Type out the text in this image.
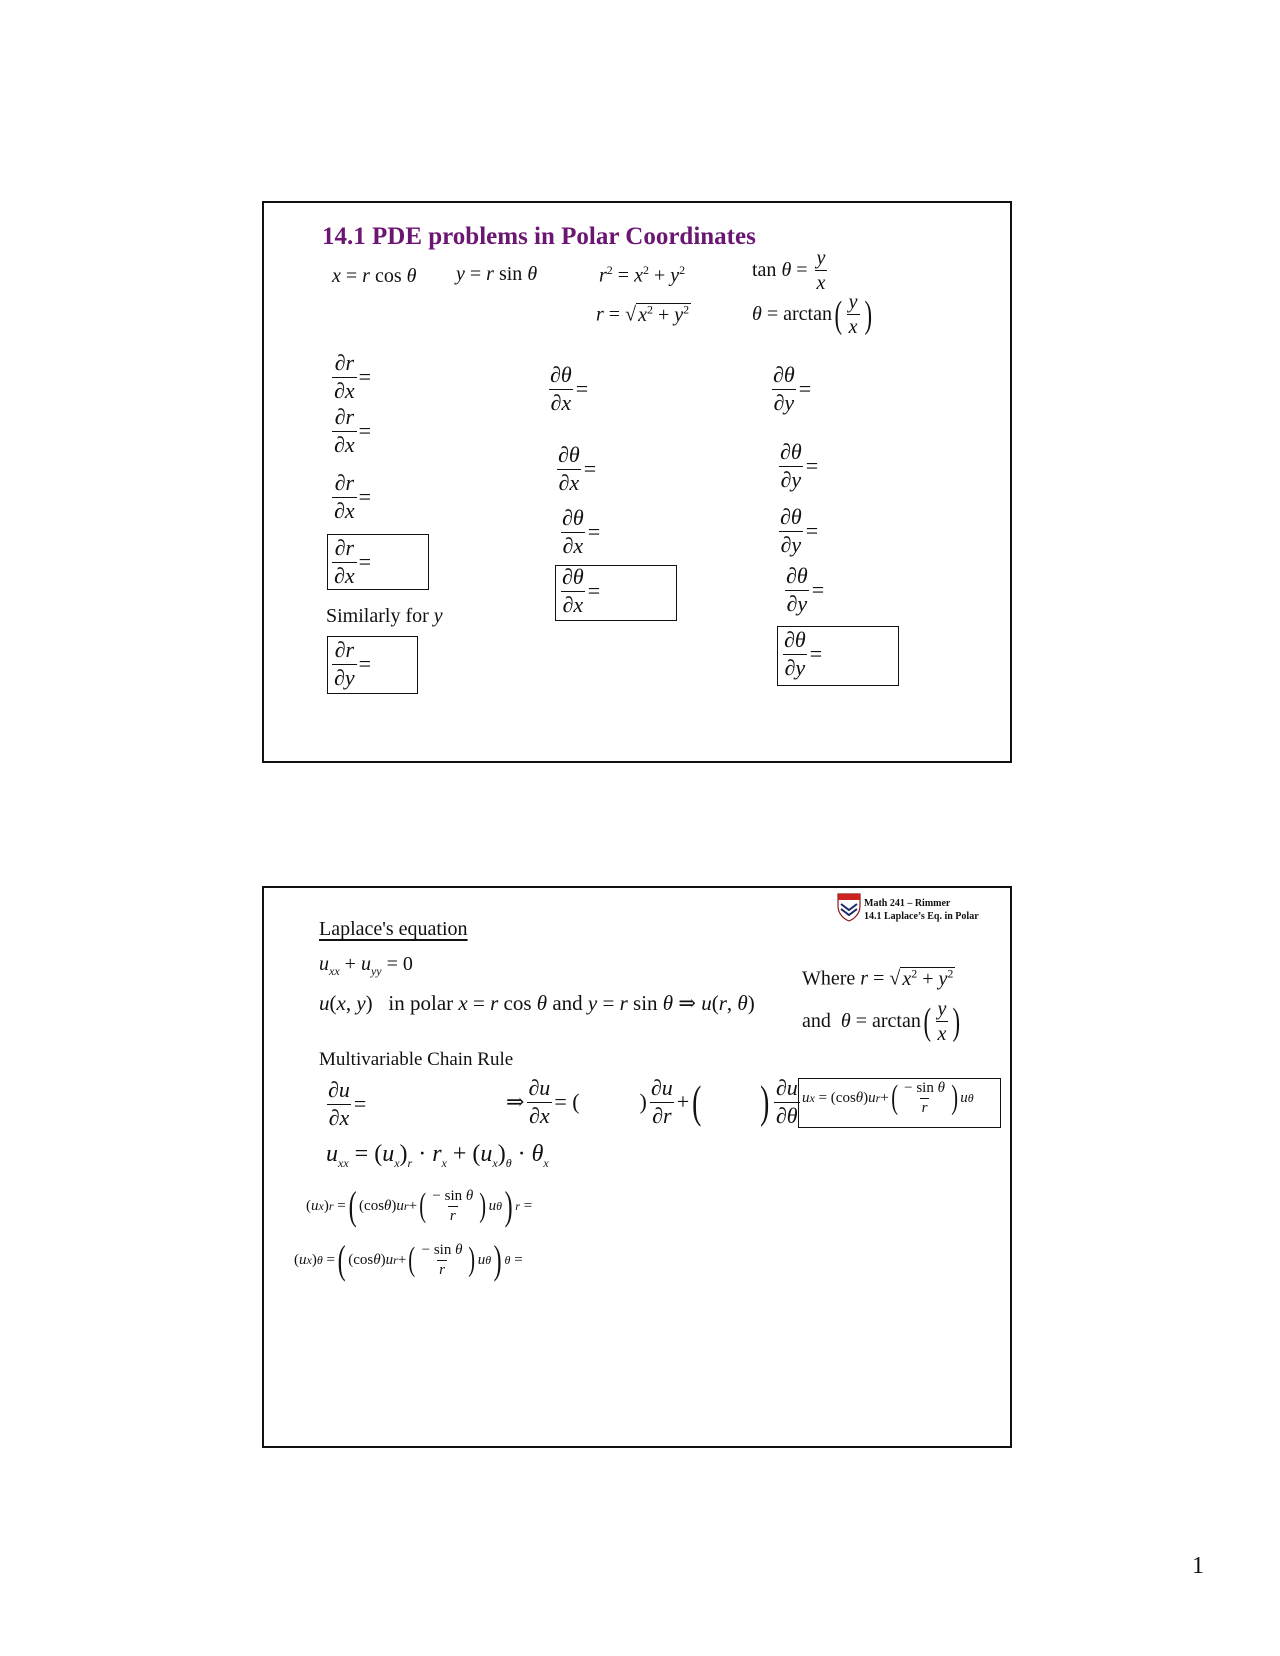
14.1 PDE problems in Polar Coordinates
x = r cos θ y = r sin θ	$r^2 = x^2 + y^2$
r = √ $x^2 + y^2$
$\tan \theta = \frac{y}{x}$
θ = arctan ( $\frac{y}{x}$ )
$\frac{\partial r}{\partial x}$ =
$\frac{\partial r}{\partial x}$ =
$\frac{\partial r}{\partial x}$ =
$\frac{\partial r}{\partial x}$ =
Similarly for y
$\frac{\partial r}{\partial y}$ =
$\frac{\partial\theta}{\partial x}$ =
$\frac{\partial\theta}{\partial x}$ =
$\frac{\partial\theta}{\partial x}$ =
$\frac{\partial\theta}{\partial x}$ =
$\frac{\partial\theta}{\partial y}$ =
$\frac{\partial\theta}{\partial y}$ =
$\frac{\partial\theta}{\partial y}$ =
$\frac{\partial\theta}{\partial y}$ =
$\frac{\partial\theta}{\partial y}$ =
Math 241 – Rimmer
14.1 Laplace’s Eq. in Polar
Laplace's equation
$u_{xx} + u_{yy} = 0$
u(x, y)   in polar x = r cos θ and y = r sin θ ⇒ u(r, θ)
Where r = √ $x^2 + y^2$
and
θ = arctan ( $\frac{y}{x}$ )
Multivariable Chain Rule
$\frac{\partial u}{\partial x}$ =	⇒ $\frac{\partial u}{\partial x}$ = (	) $\frac{\partial u}{\partial r}$ + ( ) $\frac{\partial u}{\partial\theta}$ u x = (cos θ ) u r + ( $\frac{\text{− sin θ}}{r}$ ) u θ
$u_{xx} = (u_x)_r \cdot r_x + (u_x)_\theta \cdot \theta_x$
( u x ) r = ( (cos θ ) u r + ( $\frac{\text{− sin θ}}{r}$ ) u θ ) r =
( u x ) θ = ( (cos θ ) u r + ( $\frac{\text{− sin θ}}{r}$ ) u θ ) θ =
1
